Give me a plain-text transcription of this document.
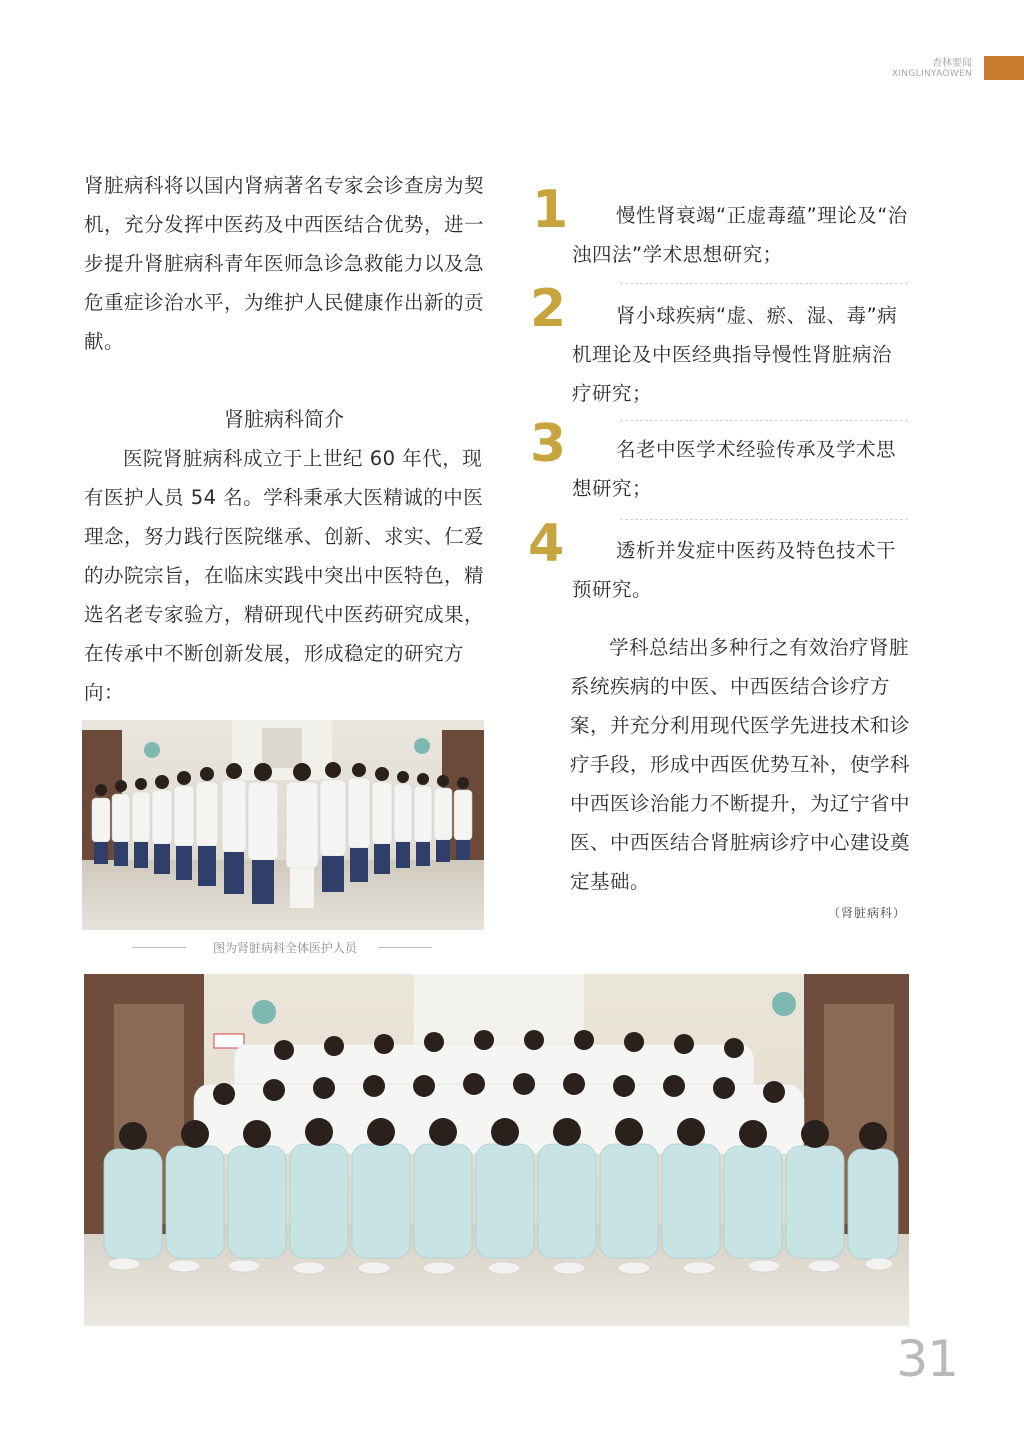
杏林要闻
XINGLINYAOWEN

肾脏病科将以国内肾病著名专家会诊查房为契机，充分发挥中医药及中西医结合优势，进一步提升肾脏病科青年医师急诊急救能力以及急危重症诊治水平，为维护人民健康作出新的贡献。

肾脏病科简介

医院肾脏病科成立于上世纪 60 年代，现有医护人员 54 名。学科秉承大医精诚的中医理念，努力践行医院继承、创新、求实、仁爱的办院宗旨，在临床实践中突出中医特色，精选名老专家验方，精研现代中医药研究成果，在传承中不断创新发展，形成稳定的研究方向：

图为肾脏病科全体医护人员
1	慢性肾衰竭“正虚毒蕴”理论及“治浊四法”学术思想研究；

2	肾小球疾病“虚、瘀、湿、毒”病机理论及中医经典指导慢性肾脏病治疗研究；

3	名老中医学术经验传承及学术思想研究；

4	透析并发症中医药及特色技术干预研究。

学科总结出多种行之有效治疗肾脏系统疾病的中医、中西医结合诊疗方案，并充分利用现代医学先进技术和诊疗手段，形成中西医优势互补，使学科中西医诊治能力不断提升，为辽宁省中医、中西医结合肾脏病诊疗中心建设奠定基础。

（肾脏病科）
31
